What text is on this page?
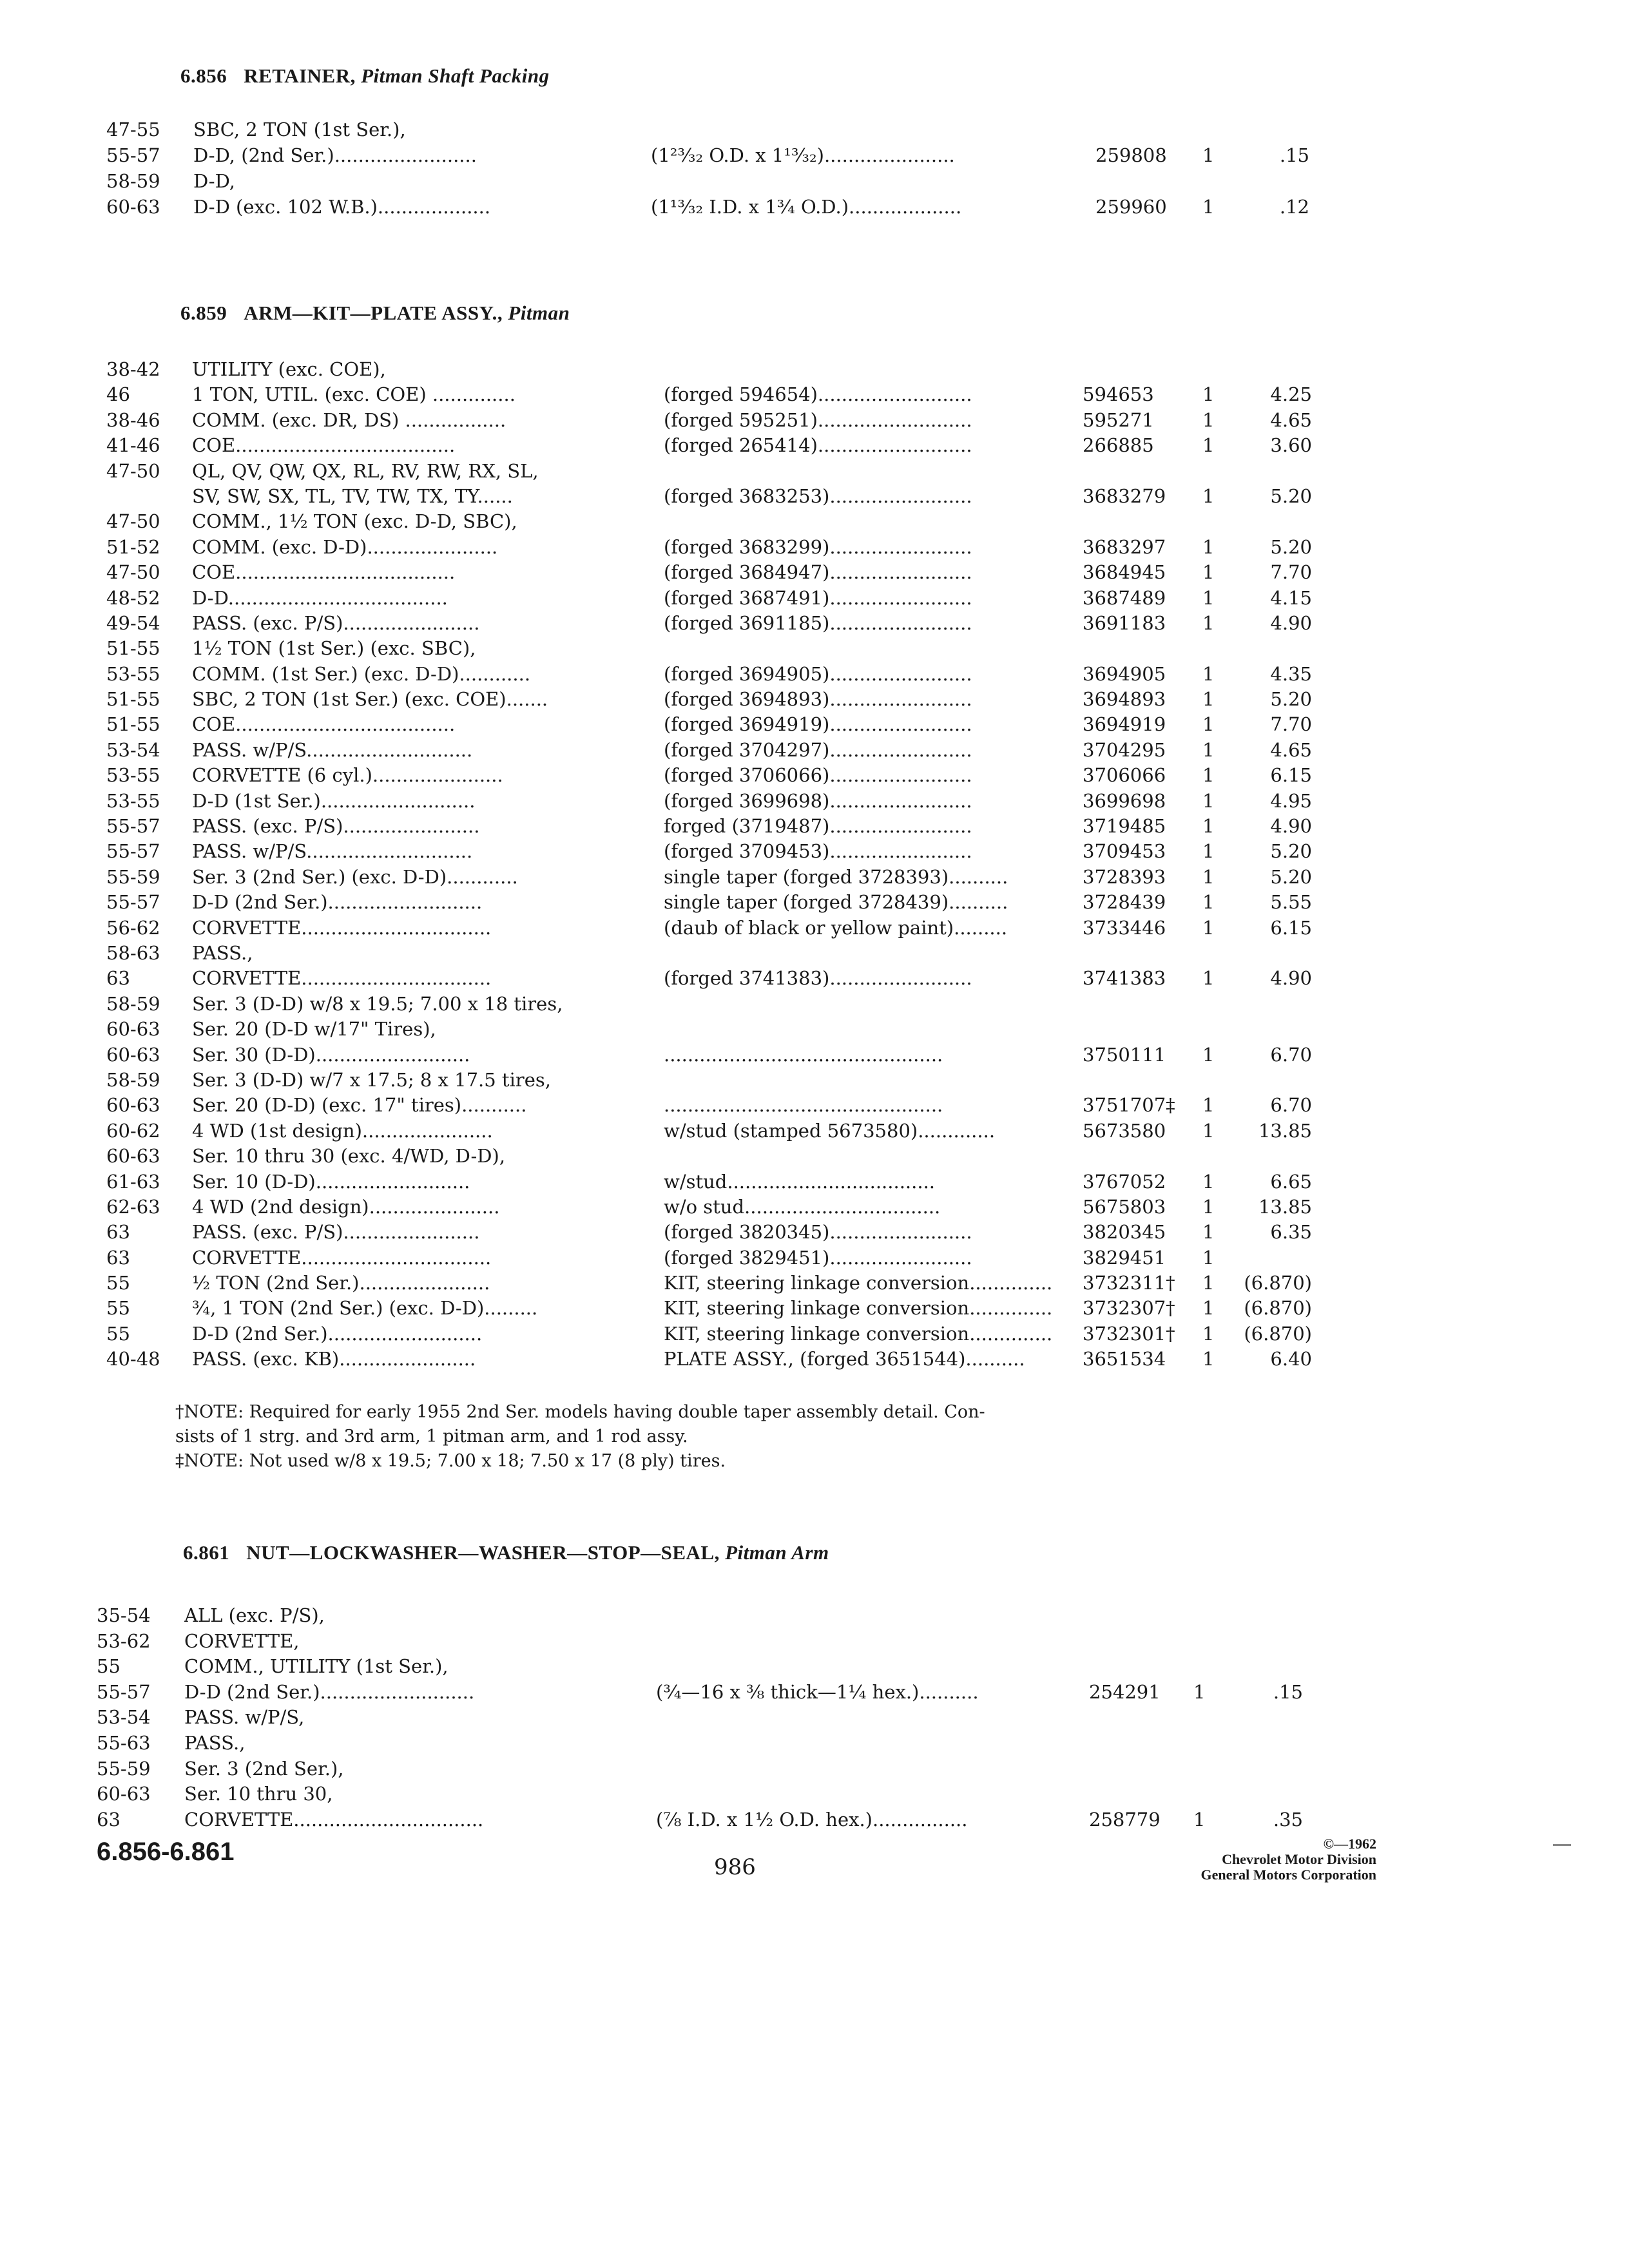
6.856 RETAINER, Pitman Shaft Packing
47-55 SBC, 2 TON (1st Ser.),
55-57 D-D, (2nd Ser.)........................	(1²³⁄₃₂ O.D. x 1¹³⁄₃₂)......................	259808 1	.15
58-59 D-D,
60-63 D-D (exc. 102 W.B.)...................	(1¹³⁄₃₂ I.D. x 1³⁄₄ O.D.)...................	259960 1	.12
6.859 ARM—KIT—PLATE ASSY., Pitman
38-42 UTILITY (exc. COE),
46	1 TON, UTIL. (exc. COE) ..............	(forged 594654)..........................	594653	1	4.25
38-46 COMM. (exc. DR, DS) .................	(forged 595251)..........................	595271	1	4.65
41-46 COE.....................................	(forged 265414)..........................	266885	1	3.60
47-50 QL, QV, QW, QX, RL, RV, RW, RX, SL,
SV, SW, SX, TL, TV, TW, TX, TY......	(forged 3683253)........................	3683279 1	5.20
47-50 COMM., 1½ TON (exc. D-D, SBC),
51-52 COMM. (exc. D-D)......................	(forged 3683299)........................	3683297 1	5.20
47-50 COE.....................................	(forged 3684947)........................	3684945 1	7.70
48-52 D-D.....................................	(forged 3687491)........................	3687489 1	4.15
49-54 PASS. (exc. P/S).......................	(forged 3691185)........................	3691183 1	4.90
51-55 1½ TON (1st Ser.) (exc. SBC),
53-55 COMM. (1st Ser.) (exc. D-D)............	(forged 3694905)........................	3694905 1	4.35
51-55 SBC, 2 TON (1st Ser.) (exc. COE).......	(forged 3694893)........................	3694893 1	5.20
51-55 COE.....................................	(forged 3694919)........................	3694919 1	7.70
53-54 PASS. w/P/S............................	(forged 3704297)........................	3704295 1	4.65
53-55 CORVETTE (6 cyl.)......................	(forged 3706066)........................	3706066 1	6.15
53-55 D-D (1st Ser.)..........................	(forged 3699698)........................	3699698 1	4.95
55-57 PASS. (exc. P/S).......................	forged (3719487)........................	3719485 1	4.90
55-57 PASS. w/P/S............................	(forged 3709453)........................	3709453 1	5.20
55-59 Ser. 3 (2nd Ser.) (exc. D-D)............	single taper (forged 3728393)..........	3728393 1	5.20
55-57 D-D (2nd Ser.)..........................	single taper (forged 3728439)..........	3728439 1	5.55
56-62 CORVETTE................................	(daub of black or yellow paint).........	3733446 1	6.15
58-63 PASS.,
63	CORVETTE................................	(forged 3741383)........................	3741383 1	4.90
58-59 Ser. 3 (D-D) w/8 x 19.5; 7.00 x 18 tires,
60-63 Ser. 20 (D-D w/17" Tires),
60-63 Ser. 30 (D-D)..........................	...............................................	3750111 1	6.70
58-59 Ser. 3 (D-D) w/7 x 17.5; 8 x 17.5 tires,
60-63 Ser. 20 (D-D) (exc. 17" tires)...........	...............................................	3751707‡ 1	6.70
60-62 4 WD (1st design)......................	w/stud (stamped 5673580).............	5673580 1 13.85
60-63 Ser. 10 thru 30 (exc. 4/WD, D-D),
61-63 Ser. 10 (D-D)..........................	w/stud...................................	3767052 1	6.65
62-63 4 WD (2nd design)......................	w/o stud.................................	5675803 1 13.85
63	PASS. (exc. P/S).......................	(forged 3820345)........................	3820345 1	6.35
63	CORVETTE................................	(forged 3829451)........................	3829451 1
55	½ TON (2nd Ser.)......................	KIT, steering linkage conversion..............	3732311† 1 (6.870)
55	¾, 1 TON (2nd Ser.) (exc. D-D).........	KIT, steering linkage conversion..............	3732307† 1 (6.870)
55	D-D (2nd Ser.)..........................	KIT, steering linkage conversion..............	3732301† 1 (6.870)
40-48 PASS. (exc. KB).......................	PLATE ASSY., (forged 3651544)..........	3651534 1	6.40
†NOTE: Required for early 1955 2nd Ser. models having double taper assembly detail. Con-
sists of 1 strg. and 3rd arm, 1 pitman arm, and 1 rod assy.
‡NOTE: Not used w/8 x 19.5; 7.00 x 18; 7.50 x 17 (8 ply) tires.
6.861 NUT—LOCKWASHER—WASHER—STOP—SEAL, Pitman Arm
35-54 ALL (exc. P/S),
53-62 CORVETTE,
55	COMM., UTILITY (1st Ser.),
55-57 D-D (2nd Ser.)..........................	(¾—16 x ⅜ thick—1¼ hex.)..........	254291 1	.15
53-54 PASS. w/P/S,
55-63 PASS.,
55-59 Ser. 3 (2nd Ser.),
60-63 Ser. 10 thru 30,
63	CORVETTE................................	(⅞ I.D. x 1½ O.D. hex.)................	258779 1	.35
6.856-6.861
986
©—1962
Chevrolet Motor Division
General Motors Corporation
